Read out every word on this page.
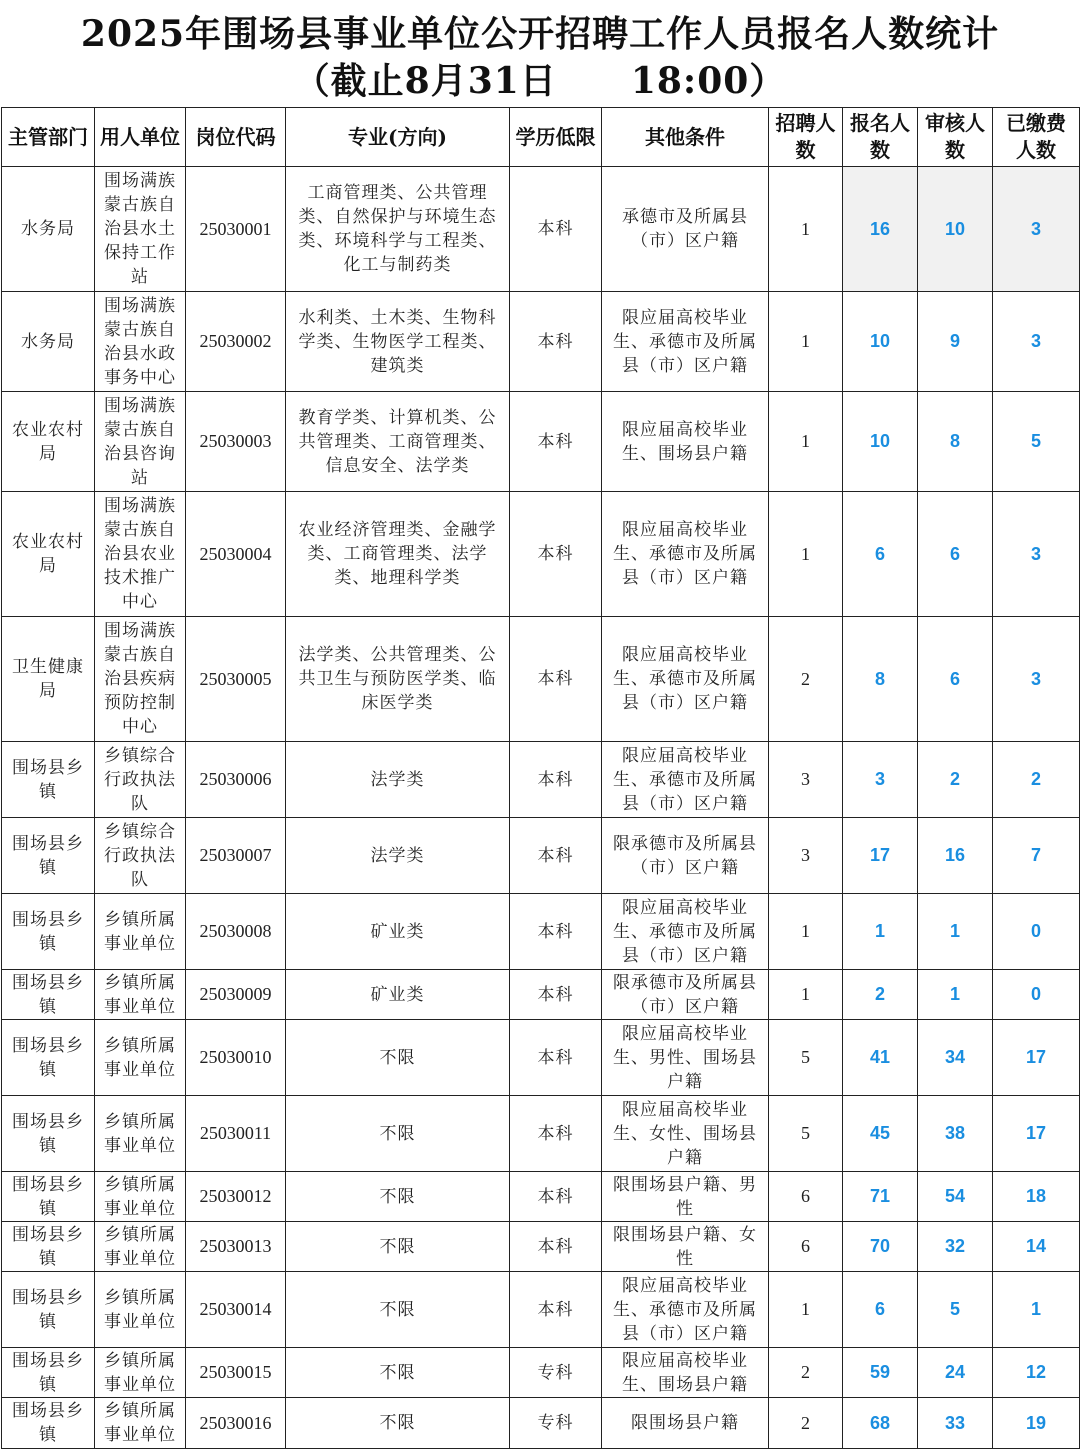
2025年围场县事业单位公开招聘工作人员报名人数统计
（截止8月31日　　18:00）
主管部门	用人单位	岗位代码	专业(方向)	学历低限	其他条件	招聘人数	报名人数	审核人数	已缴费人数
水务局	围场满族蒙古族自治县水土保持工作站	25030001	工商管理类、公共管理类、自然保护与环境生态类、环境科学与工程类、化工与制药类	本科	承德市及所属县（市）区户籍	1	16	10	3
水务局	围场满族蒙古族自治县水政事务中心	25030002	水利类、土木类、生物科学类、生物医学工程类、建筑类	本科	限应届高校毕业生、承德市及所属县（市）区户籍	1	10	9	3
农业农村局	围场满族蒙古族自治县咨询站	25030003	教育学类、计算机类、公共管理类、工商管理类、信息安全、法学类	本科	限应届高校毕业生、围场县户籍	1	10	8	5
农业农村局	围场满族蒙古族自治县农业技术推广中心	25030004	农业经济管理类、金融学类、工商管理类、法学类、地理科学类	本科	限应届高校毕业生、承德市及所属县（市）区户籍	1	6	6	3
卫生健康局	围场满族蒙古族自治县疾病预防控制中心	25030005	法学类、公共管理类、公共卫生与预防医学类、临床医学类	本科	限应届高校毕业生、承德市及所属县（市）区户籍	2	8	6	3
围场县乡镇	乡镇综合行政执法队	25030006	法学类	本科	限应届高校毕业生、承德市及所属县（市）区户籍	3	3	2	2
围场县乡镇	乡镇综合行政执法队	25030007	法学类	本科	限承德市及所属县（市）区户籍	3	17	16	7
围场县乡镇	乡镇所属事业单位	25030008	矿业类	本科	限应届高校毕业生、承德市及所属县（市）区户籍	1	1	1	0
围场县乡镇	乡镇所属事业单位	25030009	矿业类	本科	限承德市及所属县（市）区户籍	1	2	1	0
围场县乡镇	乡镇所属事业单位	25030010	不限	本科	限应届高校毕业生、男性、围场县户籍	5	41	34	17
围场县乡镇	乡镇所属事业单位	25030011	不限	本科	限应届高校毕业生、女性、围场县户籍	5	45	38	17
围场县乡镇	乡镇所属事业单位	25030012	不限	本科	限围场县户籍、男性	6	71	54	18
围场县乡镇	乡镇所属事业单位	25030013	不限	本科	限围场县户籍、女性	6	70	32	14
围场县乡镇	乡镇所属事业单位	25030014	不限	本科	限应届高校毕业生、承德市及所属县（市）区户籍	1	6	5	1
围场县乡镇	乡镇所属事业单位	25030015	不限	专科	限应届高校毕业生、围场县户籍	2	59	24	12
围场县乡镇	乡镇所属事业单位	25030016	不限	专科	限围场县户籍	2	68	33	19
